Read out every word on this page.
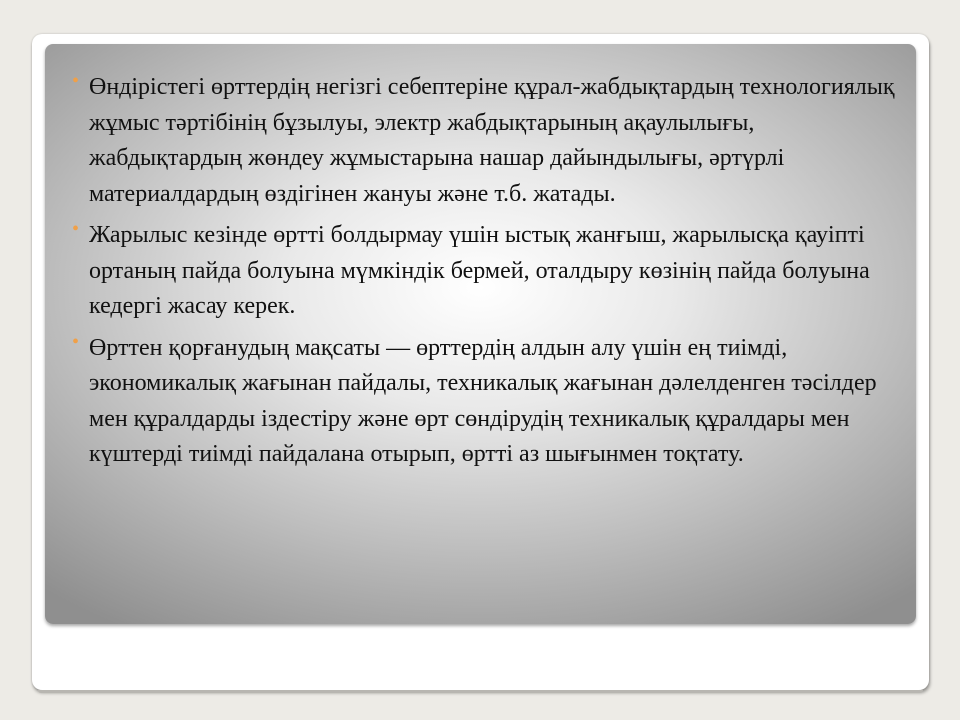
•
Өндірістегі өрттердің негізгі себептеріне құрал-жабдықтардың технологиялық жұмыс тәртібінің бұзылуы, электр жабдықтарының ақаулылығы, жабдықтардың жөндеу жұмыстарына нашар дайындылығы, әртүрлі материалдардың өздігінен жануы және т.б. жатады.
•
Жарылыс кезінде өртті болдырмау үшін ыстық жанғыш, жарылысқа қауіпті ортаның пайда болуына мүмкіндік бермей, оталдыру көзінің пайда болуына кедергі жасау керек.
•
Өрттен қорғанудың мақсаты — өрттердің алдын алу үшін ең тиімді, экономикалық жағынан пайдалы, техникалық жағынан дәлелденген тәсілдер мен құралдарды іздестіру және өрт сөндірудің техникалық құралдары мен күштерді тиімді пайдалана отырып, өртті аз шығынмен тоқтату.
